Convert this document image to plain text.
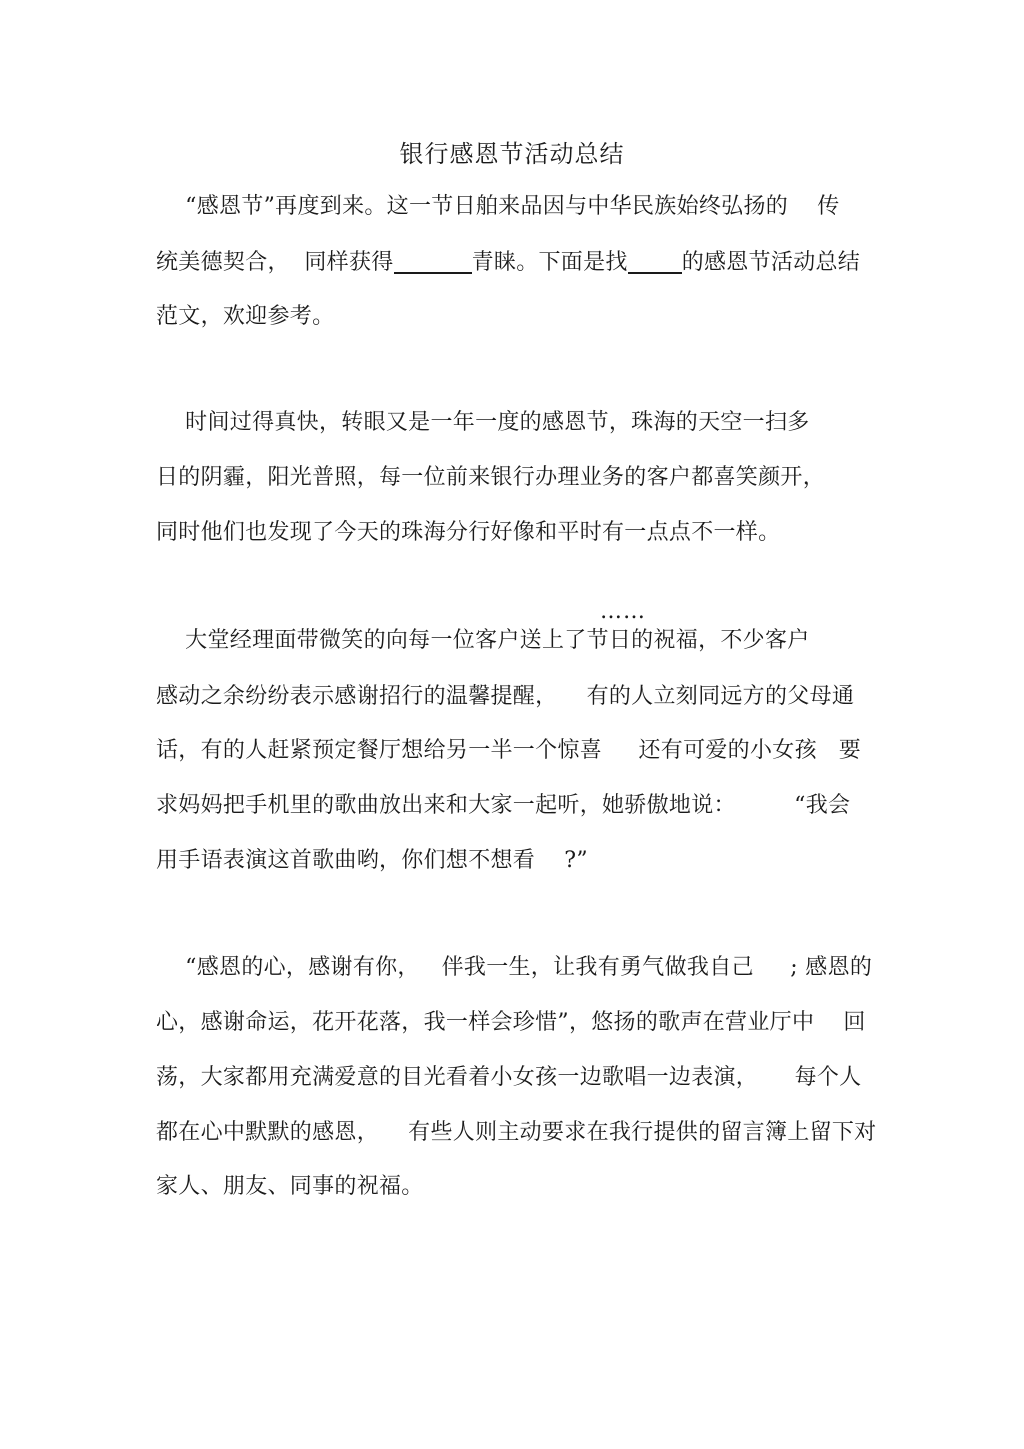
银行感恩节活动总结
“感恩节”再度到来。这一节日舶来品因与中华民族始终弘扬的    传
统美德契合，  同样获得	青睐。下面是找 的感恩节活动总结
范文，欢迎参考。
时间过得真快，转眼又是一年一度的感恩节，珠海的天空一扫多
日的阴霾，阳光普照，每一位前来银行办理业务的客户都喜笑颜开，
同时他们也发现了今天的珠海分行好像和平时有一点点不一样。
……
大堂经理面带微笑的向每一位客户送上了节日的祝福，不少客户
感动之余纷纷表示感谢招行的温馨提醒，    有的人立刻同远方的父母通
话，有的人赶紧预定餐厅想给另一半一个惊喜     还有可爱的小女孩   要
求妈妈把手机里的歌曲放出来和大家一起听，她骄傲地说：        “我会
用手语表演这首歌曲哟，你们想不想看    ?”
“感恩的心，感谢有你，   伴我一生，让我有勇气做我自己     ; 感恩的
心，感谢命运，花开花落，我一样会珍惜”，悠扬的歌声在营业厅中    回
荡，大家都用充满爱意的目光看着小女孩一边歌唱一边表演，     每个人
都在心中默默的感恩，    有些人则主动要求在我行提供的留言簿上留下对
家人、朋友、同事的祝福。
